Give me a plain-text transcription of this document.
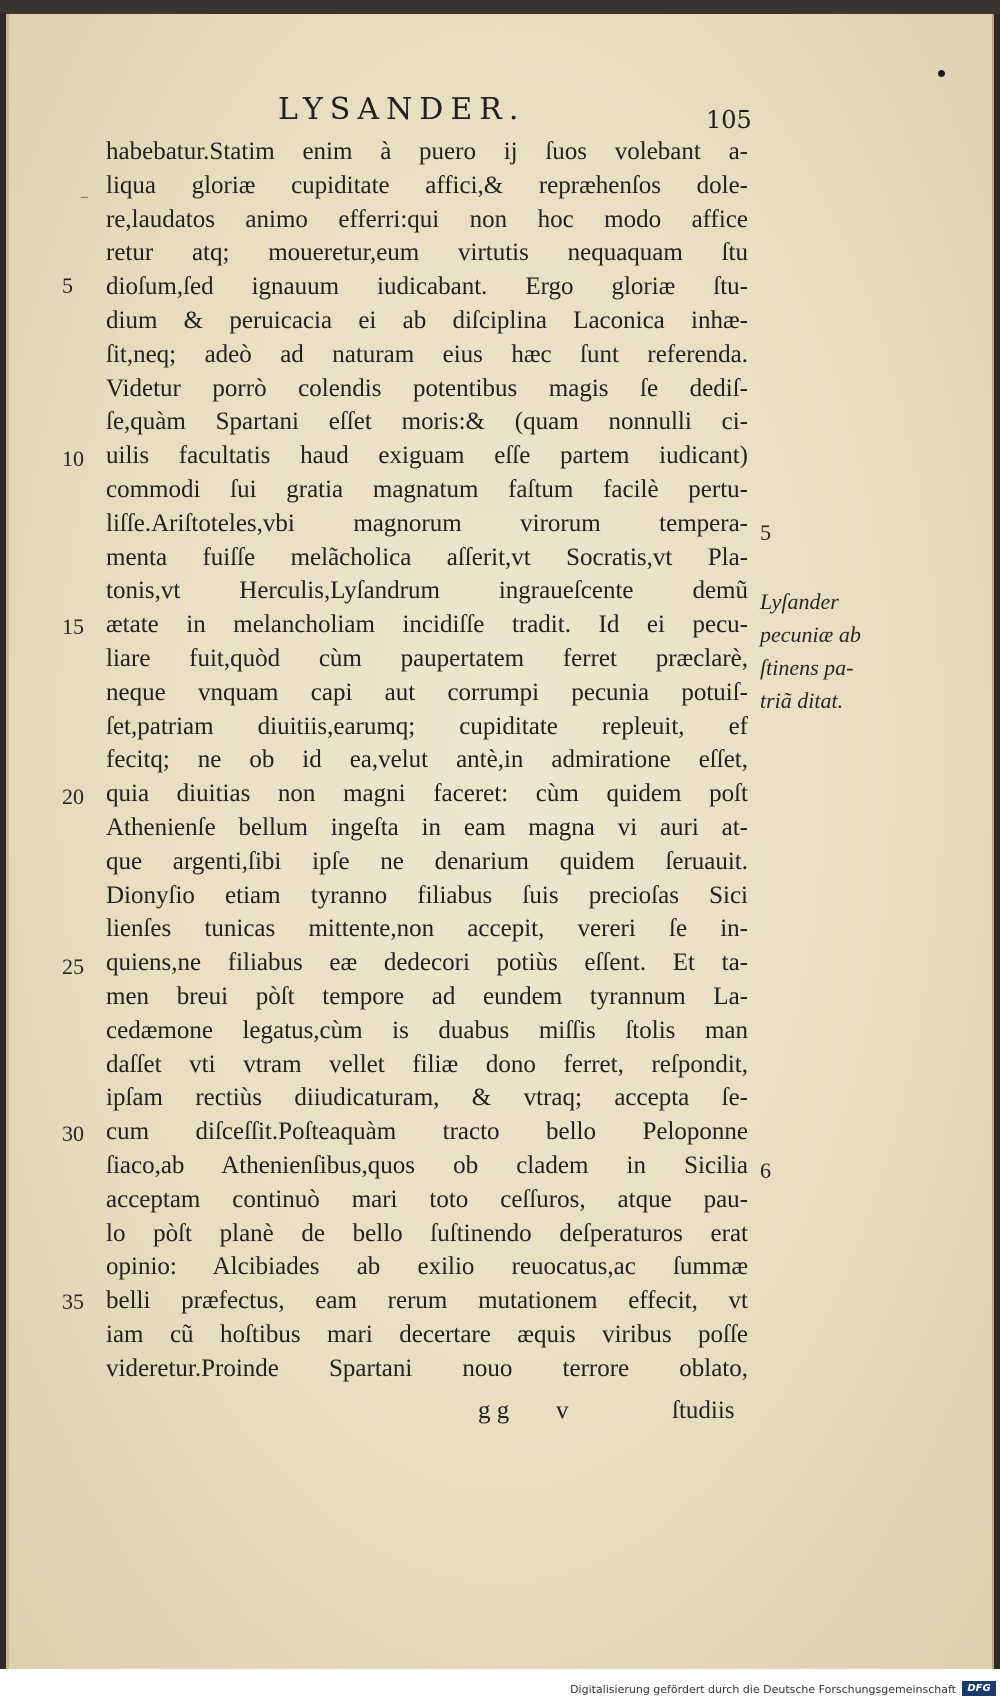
LYSANDER.	105
–
habebatur.Statim enim à puero ij ſuos volebant a-
liqua gloriæ cupiditate affici,& repræhenſos dole-
re,laudatos animo efferri:qui non hoc modo affice
retur atq; moueretur,eum virtutis nequaquam ſtu
dioſum,ſed ignauum iudicabant. Ergo gloriæ ſtu-
dium & peruicacia ei ab diſciplina Laconica inhæ-
ſit,neq; adeò ad naturam eius hæc ſunt referenda.
Videtur porrò colendis potentibus magis ſe dediſ-
ſe,quàm Spartani eſſet moris:& (quam nonnulli ci-
uilis facultatis haud exiguam eſſe partem iudicant)
commodi ſui gratia magnatum faſtum facilè pertu-
liſſe.Ariſtoteles,vbi magnorum virorum tempera-
menta fuiſſe melãcholica aſſerit,vt Socratis,vt Pla-
tonis,vt Herculis,Lyſandrum ingraueſcente demũ
ætate in melancholiam incidiſſe tradit. Id ei pecu-
liare fuit,quòd cùm paupertatem ferret præclarè,
neque vnquam capi aut corrumpi pecunia potuiſ-
ſet,patriam diuitiis,earumq; cupiditate repleuit, ef
fecitq; ne ob id ea,velut antè,in admiratione eſſet,
quia diuitias non magni faceret: cùm quidem poſt
Athenienſe bellum ingeſta in eam magna vi auri at-
que argenti,ſibi ipſe ne denarium quidem ſeruauit.
Dionyſio etiam tyranno filiabus ſuis precioſas Sici
lienſes tunicas mittente,non accepit, vereri ſe in-
quiens,ne filiabus eæ dedecori potiùs eſſent. Et ta-
men breui pòſt tempore ad eundem tyrannum La-
cedæmone legatus,cùm is duabus miſſis ſtolis man
daſſet vti vtram vellet filiæ dono ferret, reſpondit,
ipſam rectiùs diiudicaturam, & vtraq; accepta ſe-
cum diſceſſit.Poſteaquàm tracto bello Peloponne
ſiaco,ab Athenienſibus,quos ob cladem in Sicilia
acceptam continuò mari toto ceſſuros, atque pau-
lo pòſt planè de bello ſuſtinendo deſperaturos erat
opinio: Alcibiades ab exilio reuocatus,ac ſummæ
belli præfectus, eam rerum mutationem effecit, vt
iam cũ hoſtibus mari decertare æquis viribus poſſe
videretur.Proinde Spartani nouo terrore oblato,
5
10
15
20
25
30
35
5
Lyſander
pecuniæ ab
ſtinens pa-
triã ditat.
6
g g v	ſtudiis
Digitalisierung gefördert durch die Deutsche Forschungsgemeinschaft	DFG
